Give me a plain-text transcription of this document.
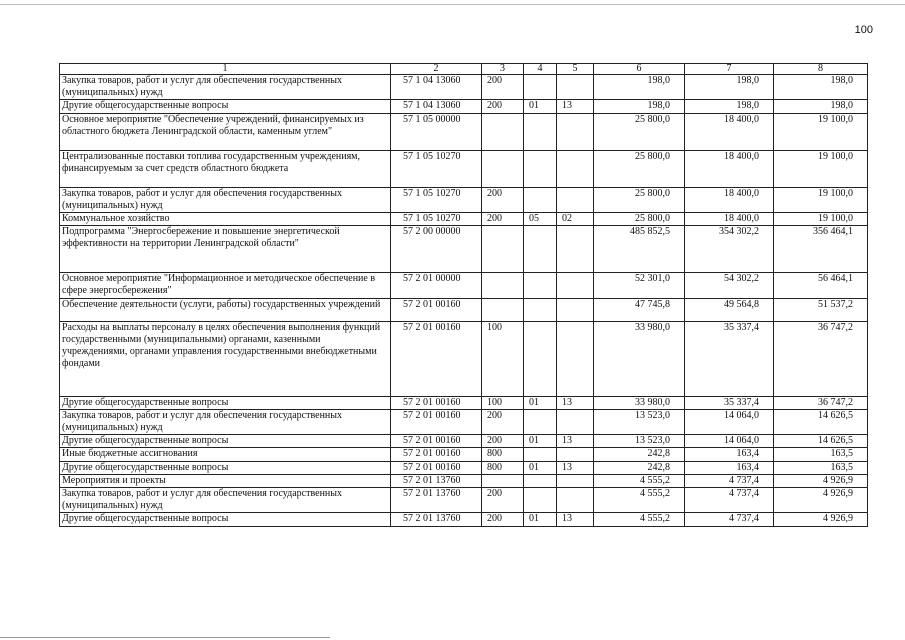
100
1	2	3	4	5	6	7	8
Закупка товаров, работ и услуг для обеспечения государственных (муниципальных) нужд	57 1 04 13060	200			198,0	198,0	198,0
Другие общегосударственные вопросы	57 1 04 13060	200	01	13	198,0	198,0	198,0
Основное мероприятие "Обеспечение учреждений, финансируемых из областного бюджета Ленинградской области, каменным углем"	57 1 05 00000				25 800,0	18 400,0	19 100,0
Централизованные поставки топлива государственным учреждениям, финансируемым за счет средств областного бюджета	57 1 05 10270				25 800,0	18 400,0	19 100,0
Закупка товаров, работ и услуг для обеспечения государственных (муниципальных) нужд	57 1 05 10270	200			25 800,0	18 400,0	19 100,0
Коммунальное хозяйство	57 1 05 10270	200	05	02	25 800,0	18 400,0	19 100,0
Подпрограмма "Энергосбережение и повышение энергетической эффективности на территории Ленинградской области"	57 2 00 00000				485 852,5	354 302,2	356 464,1
Основное мероприятие "Информационное и методическое обеспечение в сфере энергосбережения"	57 2 01 00000				52 301,0	54 302,2	56 464,1
Обеспечение деятельности (услуги, работы) государственных учреждений	57 2 01 00160				47 745,8	49 564,8	51 537,2
Расходы на выплаты персоналу в целях обеспечения выполнения функций государственными (муниципальными) органами, казенными учреждениями, органами управления государственными внебюджетными фондами	57 2 01 00160	100			33 980,0	35 337,4	36 747,2
Другие общегосударственные вопросы	57 2 01 00160	100	01	13	33 980,0	35 337,4	36 747,2
Закупка товаров, работ и услуг для обеспечения государственных (муниципальных) нужд	57 2 01 00160	200			13 523,0	14 064,0	14 626,5
Другие общегосударственные вопросы	57 2 01 00160	200	01	13	13 523,0	14 064,0	14 626,5
Иные бюджетные ассигнования	57 2 01 00160	800			242,8	163,4	163,5
Другие общегосударственные вопросы	57 2 01 00160	800	01	13	242,8	163,4	163,5
Мероприятия и проекты	57 2 01 13760				4 555,2	4 737,4	4 926,9
Закупка товаров, работ и услуг для обеспечения государственных (муниципальных) нужд	57 2 01 13760	200			4 555,2	4 737,4	4 926,9
Другие общегосударственные вопросы	57 2 01 13760	200	01	13	4 555,2	4 737,4	4 926,9
